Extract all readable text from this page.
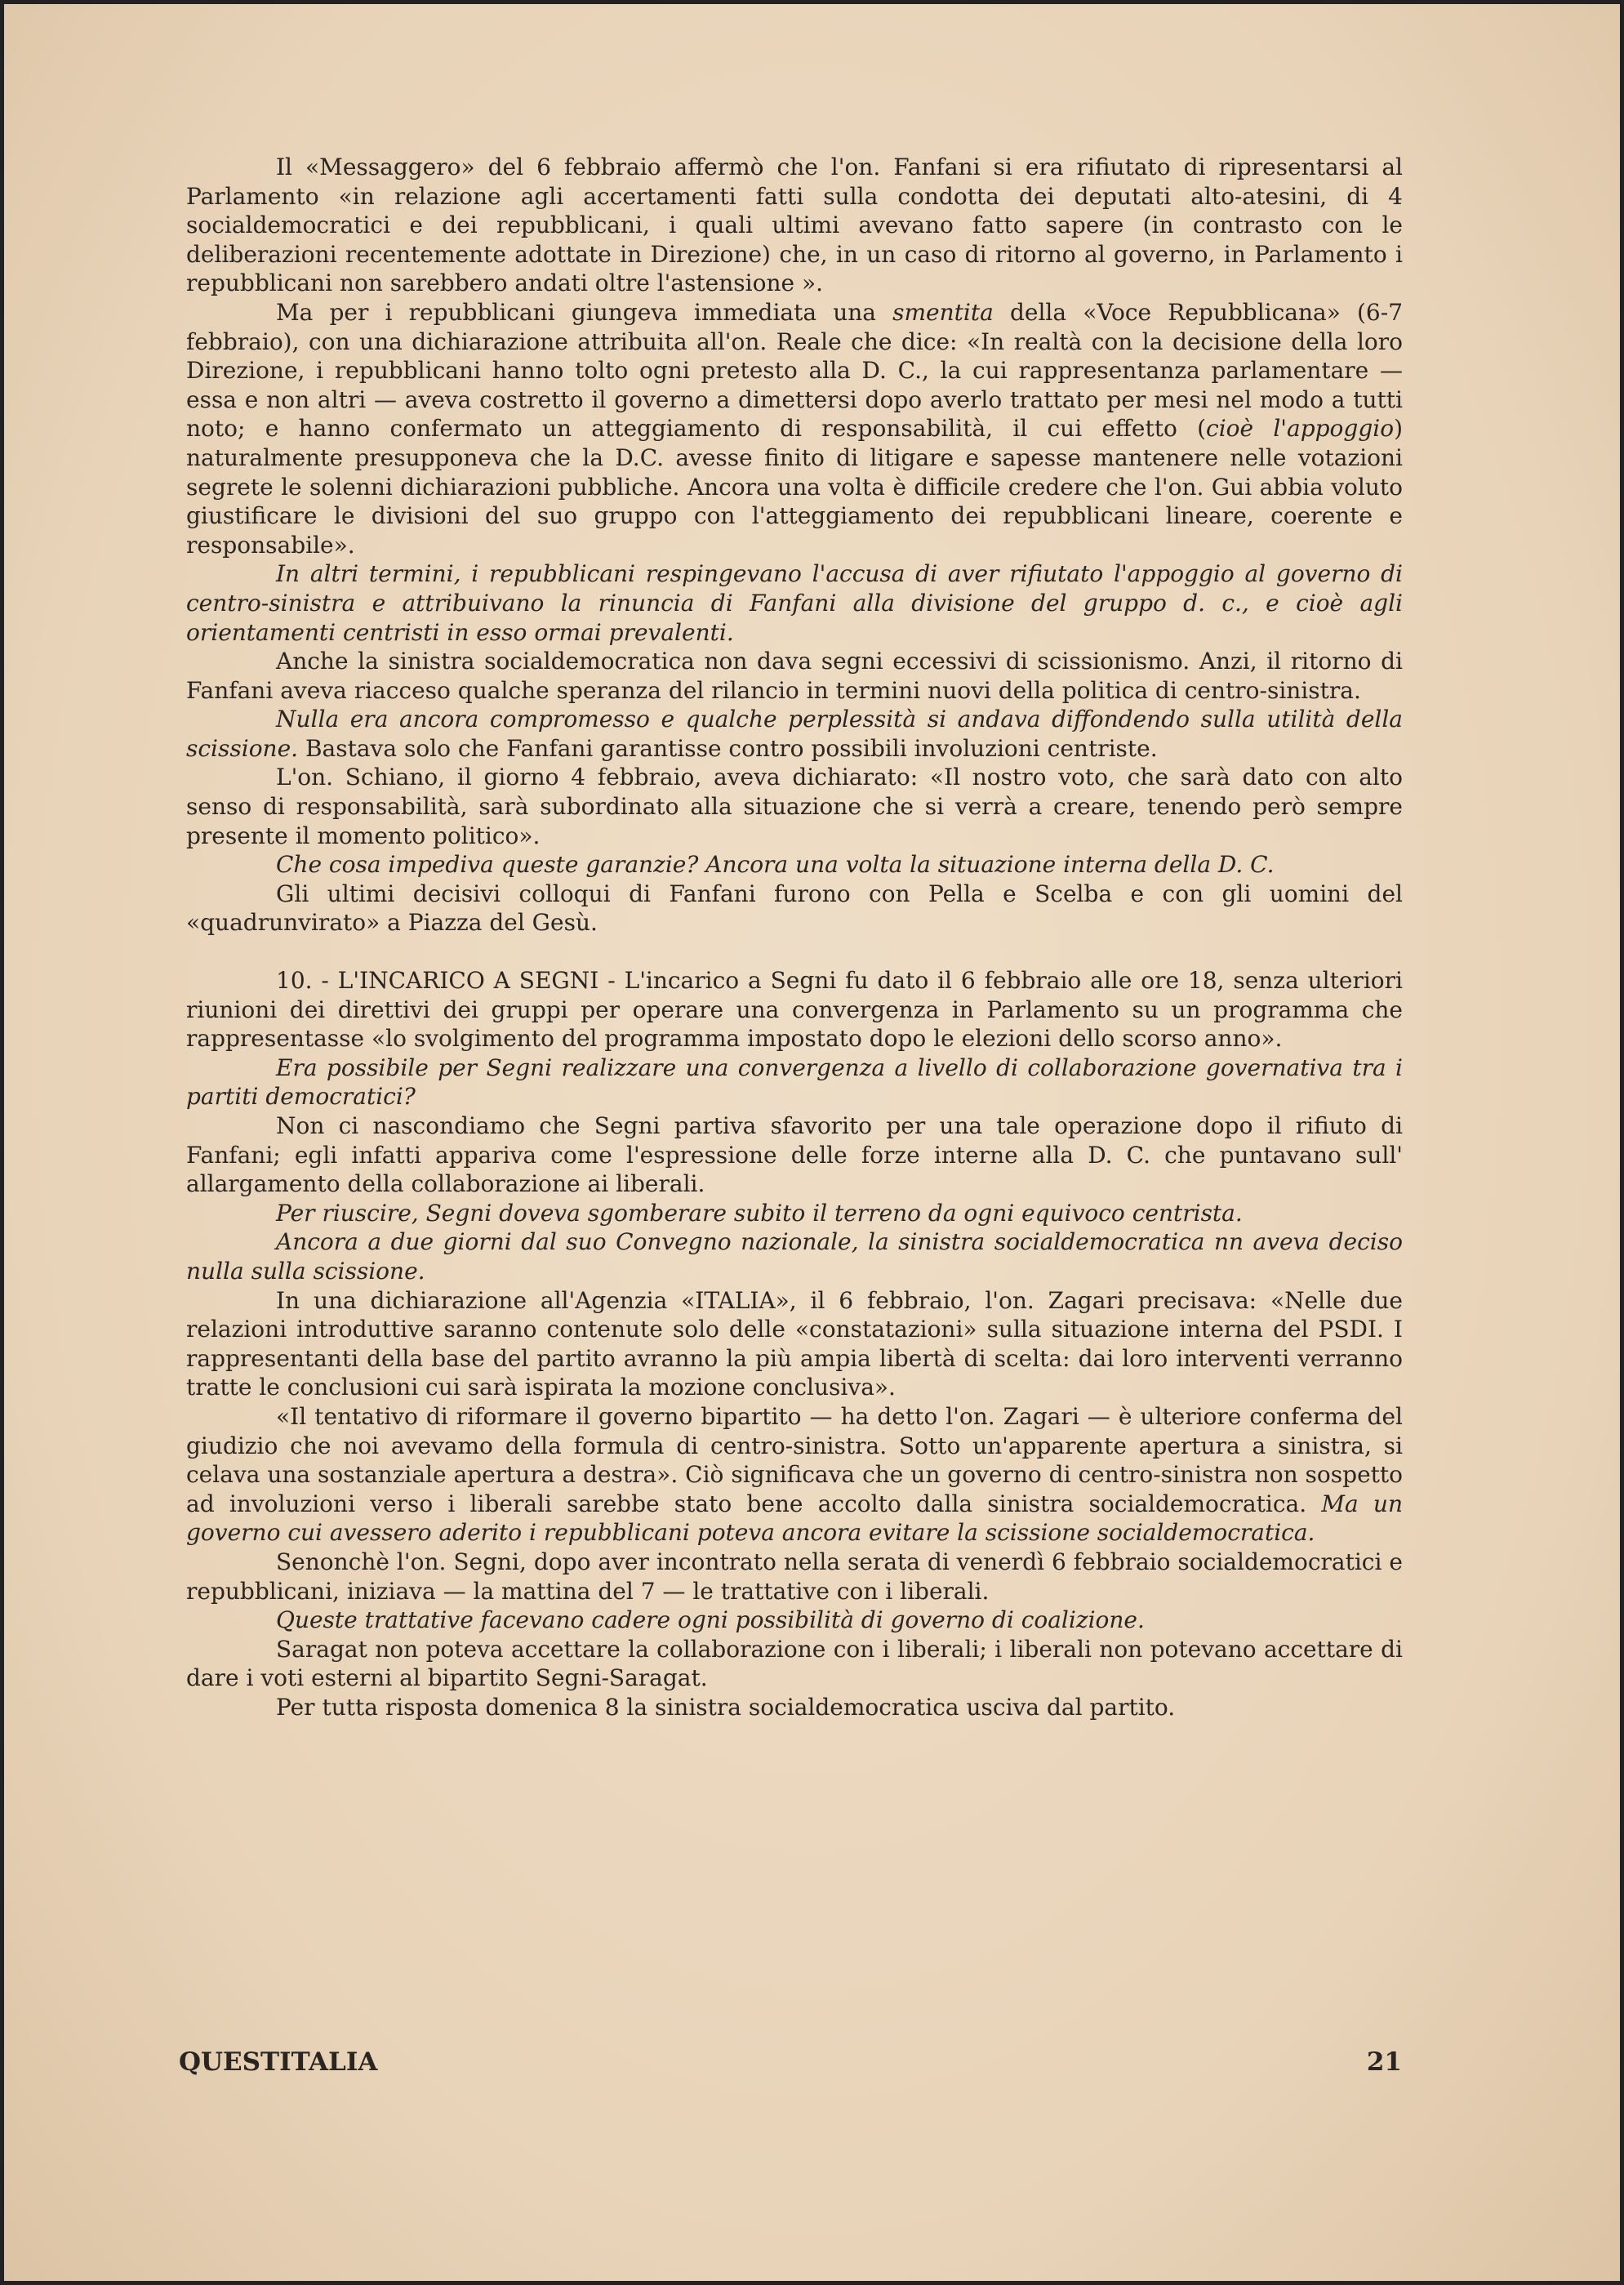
Il «Messaggero» del 6 febbraio affermò che l'on. Fanfani si era rifiutato di ripresentarsi al Parlamento «in relazione agli accertamenti fatti sulla condotta dei deputati alto-atesini, di 4 socialdemocratici e dei repubblicani, i quali ultimi avevano fatto sapere (in contrasto con le deliberazioni recentemente adottate in Direzione) che, in un caso di ritorno al governo, in Parlamento i repubblicani non sarebbero andati oltre l'astensione ».

Ma per i repubblicani giungeva immediata una smentita della «Voce Repubblicana» (6-7 febbraio), con una dichiarazione attribuita all'on. Reale che dice: «In realtà con la decisione della loro Direzione, i repubblicani hanno tolto ogni pretesto alla D. C., la cui rappresentanza parlamentare — essa e non altri — aveva costretto il governo a dimettersi dopo averlo trattato per mesi nel modo a tutti noto; e hanno confermato un atteggiamento di responsabilità, il cui effetto (cioè l'appoggio) naturalmente presupponeva che la D.C. avesse finito di litigare e sapesse mantenere nelle votazioni segrete le solenni dichiarazioni pubbliche. Ancora una volta è difficile credere che l'on. Gui abbia voluto giustificare le divisioni del suo gruppo con l'atteggiamento dei repubblicani lineare, coerente e responsabile».

In altri termini, i repubblicani respingevano l'accusa di aver rifiutato l'appoggio al governo di centro-sinistra e attribuivano la rinuncia di Fanfani alla divisione del gruppo d. c., e cioè agli orientamenti centristi in esso ormai prevalenti.

Anche la sinistra socialdemocratica non dava segni eccessivi di scissionismo. Anzi, il ritorno di Fanfani aveva riacceso qualche speranza del rilancio in termini nuovi della politica di centro-sinistra.

Nulla era ancora compromesso e qualche perplessità si andava diffondendo sulla utilità della scissione. Bastava solo che Fanfani garantisse contro possibili involuzioni centriste.

L'on. Schiano, il giorno 4 febbraio, aveva dichiarato: «Il nostro voto, che sarà dato con alto senso di responsabilità, sarà subordinato alla situazione che si verrà a creare, tenendo però sempre presente il momento politico».

Che cosa impediva queste garanzie? Ancora una volta la situazione interna della D. C.

Gli ultimi decisivi colloqui di Fanfani furono con Pella e Scelba e con gli uomini del «quadrunvirato» a Piazza del Gesù.

10. - L'INCARICO A SEGNI - L'incarico a Segni fu dato il 6 febbraio alle ore 18, senza ulteriori riunioni dei direttivi dei gruppi per operare una convergenza in Parlamento su un programma che rappresentasse «lo svolgimento del programma impostato dopo le elezioni dello scorso anno».

Era possibile per Segni realizzare una convergenza a livello di collaborazione governativa tra i partiti democratici?

Non ci nascondiamo che Segni partiva sfavorito per una tale operazione dopo il rifiuto di Fanfani; egli infatti appariva come l'espressione delle forze interne alla D. C. che puntavano sull' allargamento della collaborazione ai liberali.

Per riuscire, Segni doveva sgomberare subito il terreno da ogni equivoco centrista.

Ancora a due giorni dal suo Convegno nazionale, la sinistra socialdemocratica nn aveva deciso nulla sulla scissione.

In una dichiarazione all'Agenzia «ITALIA», il 6 febbraio, l'on. Zagari precisava: «Nelle due relazioni introduttive saranno contenute solo delle «constatazioni» sulla situazione interna del PSDI. I rappresentanti della base del partito avranno la più ampia libertà di scelta: dai loro interventi verranno tratte le conclusioni cui sarà ispirata la mozione conclusiva».

«Il tentativo di riformare il governo bipartito — ha detto l'on. Zagari — è ulteriore conferma del giudizio che noi avevamo della formula di centro-sinistra. Sotto un'apparente apertura a sinistra, si celava una sostanziale apertura a destra». Ciò significava che un governo di centro-sinistra non sospetto ad involuzioni verso i liberali sarebbe stato bene accolto dalla sinistra socialdemocratica. Ma un governo cui avessero aderito i repubblicani poteva ancora evitare la scissione socialdemocratica.

Senonchè l'on. Segni, dopo aver incontrato nella serata di venerdì 6 febbraio socialdemocratici e repubblicani, iniziava — la mattina del 7 — le trattative con i liberali.

Queste trattative facevano cadere ogni possibilità di governo di coalizione.

Saragat non poteva accettare la collaborazione con i liberali; i liberali non potevano accettare di dare i voti esterni al bipartito Segni-Saragat.

Per tutta risposta domenica 8 la sinistra socialdemocratica usciva dal partito.

QUESTITALIA	21
